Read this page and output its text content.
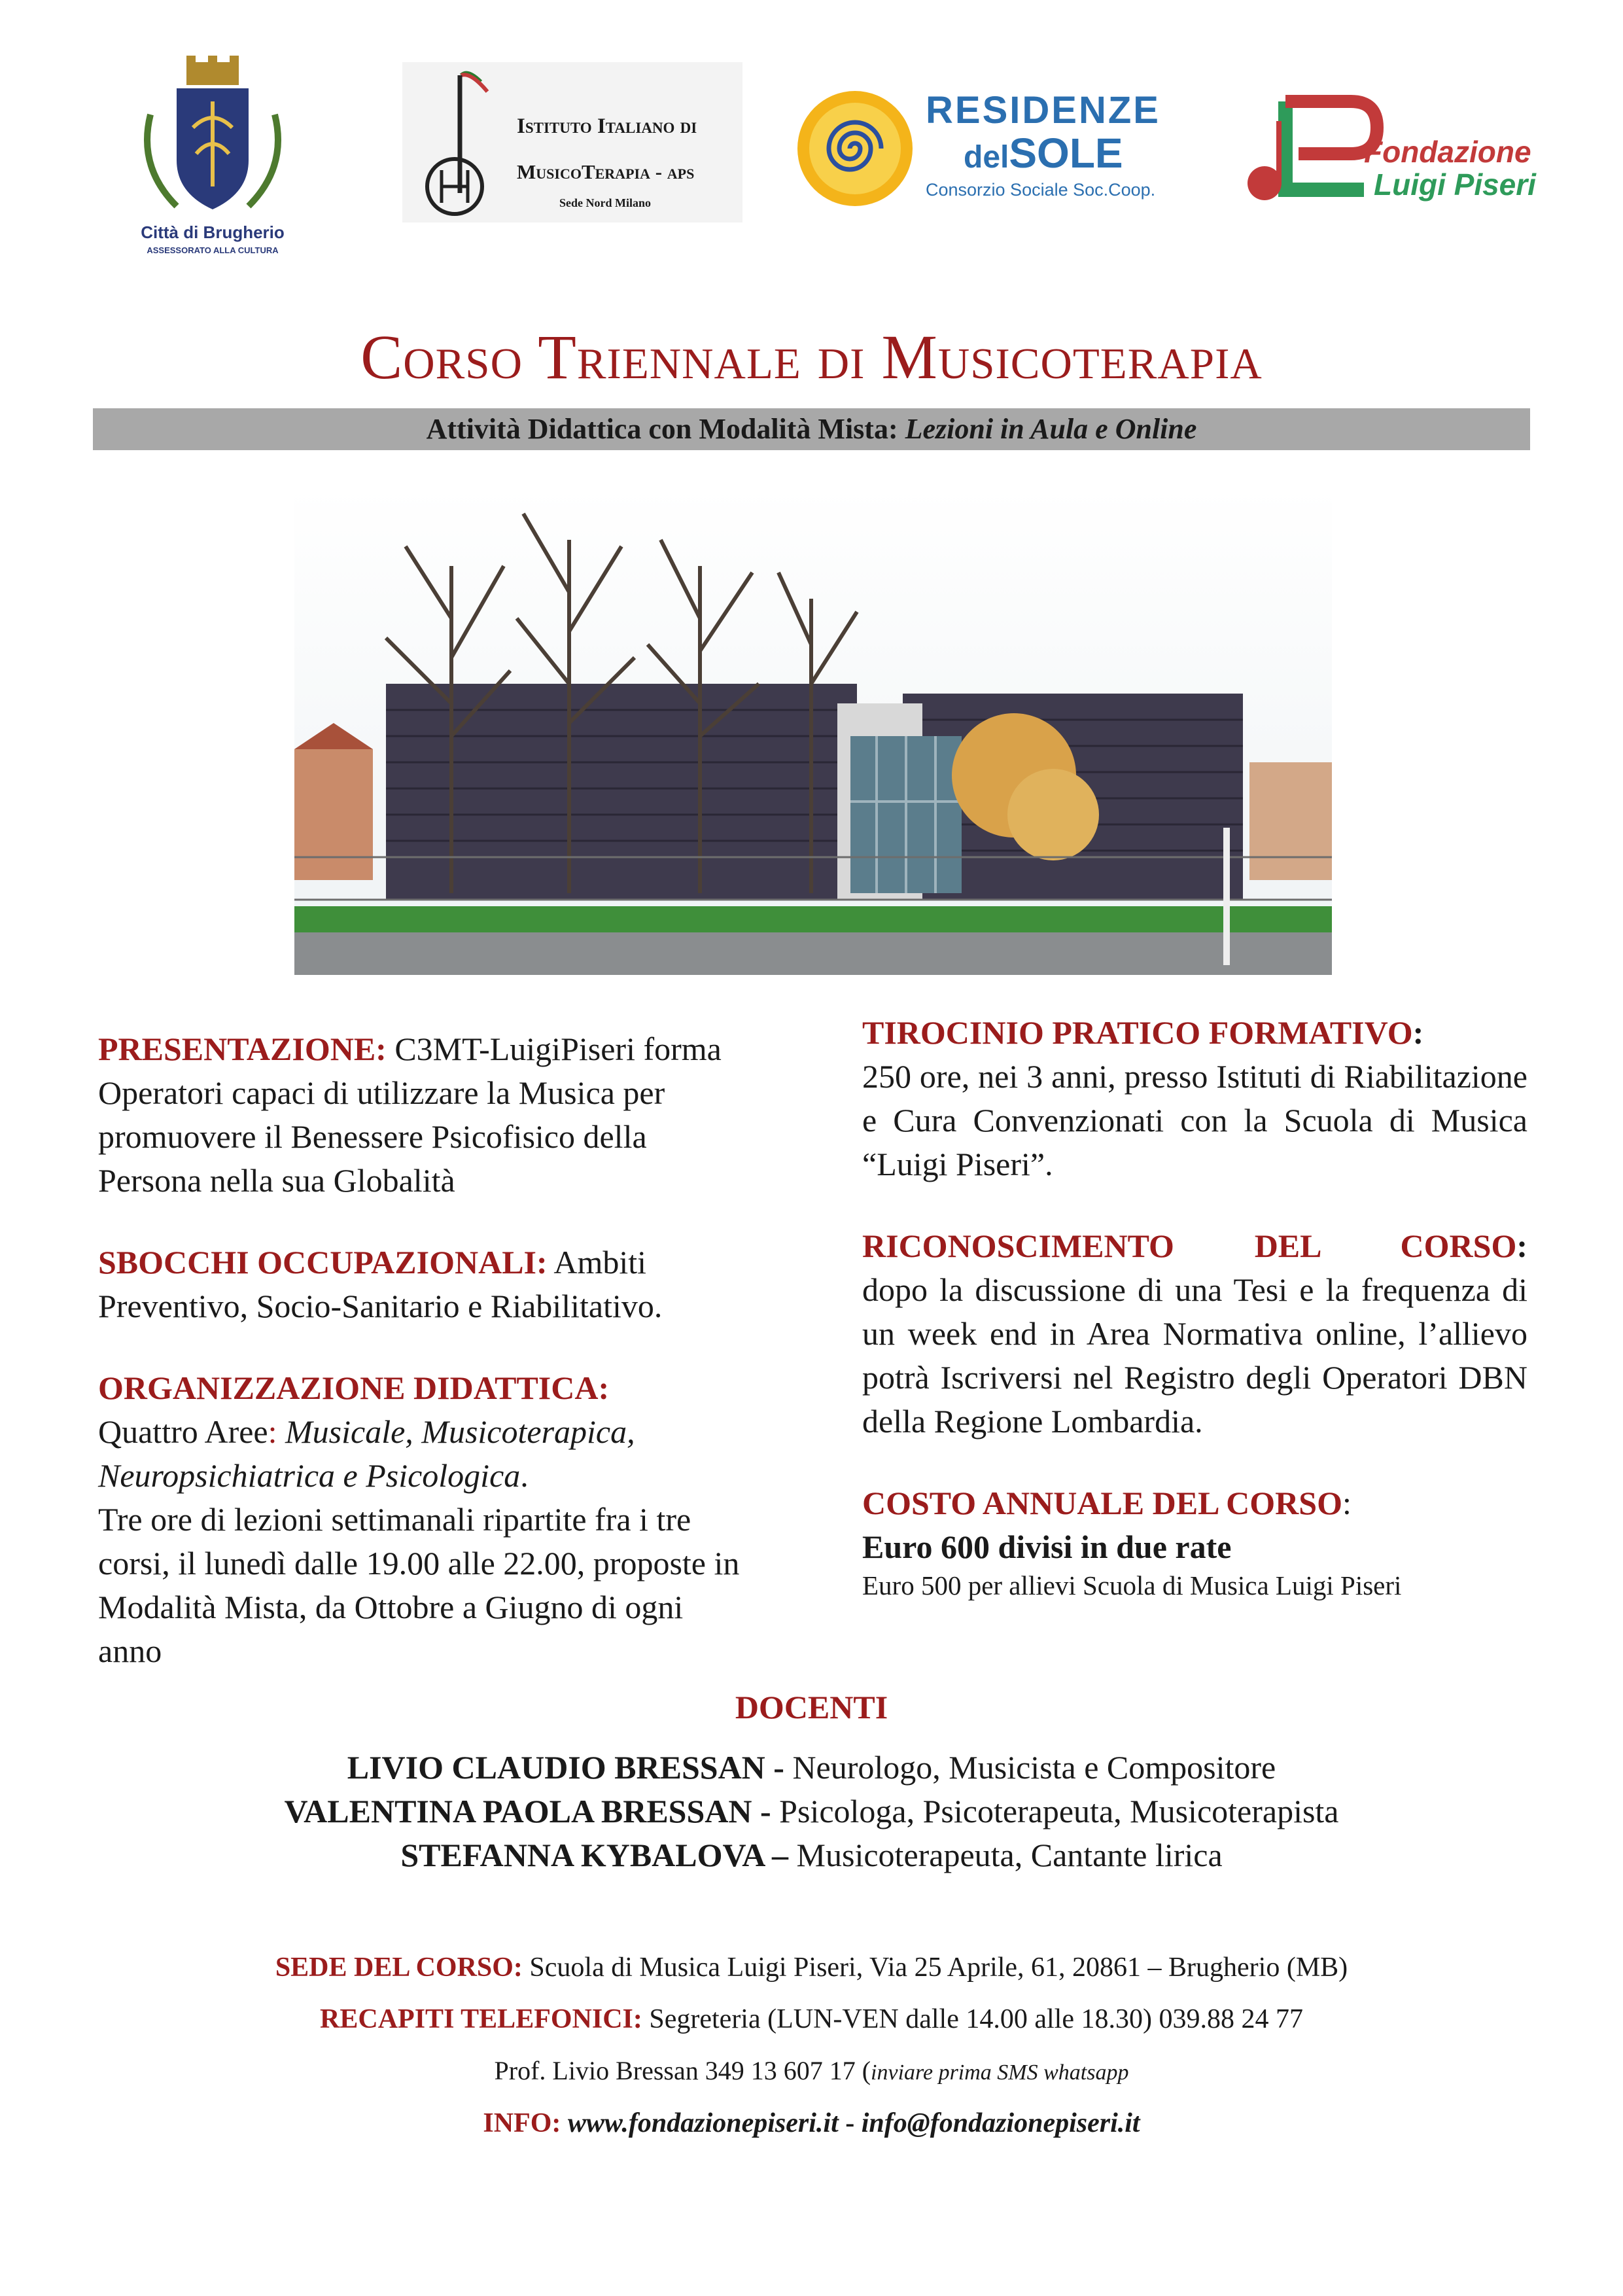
Città di Brugherio
ASSESSORATO ALLA CULTURA
Istituto Italiano di
MusicoTerapia - aps
Sede Nord Milano
RESIDENZE
delSOLE
Consorzio Sociale Soc.Coop.
Fondazione
Luigi Piseri
Corso Triennale di Musicoterapia
Attività Didattica con Modalità Mista: Lezioni in Aula e Online
PRESENTAZIONE: C3MT-LuigiPiseri forma Operatori capaci di utilizzare la Musica per promuovere il Benessere Psicofisico della Persona nella sua Globalità
SBOCCHI OCCUPAZIONALI: Ambiti Preventivo, Socio-Sanitario e Riabilitativo.
ORGANIZZAZIONE DIDATTICA:
Quattro Aree: Musicale, Musicoterapica, Neuropsichiatrica e Psicologica.
Tre ore di lezioni settimanali ripartite fra i tre corsi, il lunedì dalle 19.00 alle 22.00, proposte in Modalità Mista, da Ottobre a Giugno di ogni anno
TIROCINIO PRATICO FORMATIVO:
250 ore, nei 3 anni, presso Istituti di Riabilitazione e Cura Convenzionati con la Scuola di Musica “Luigi Piseri”.
RICONOSCIMENTO DEL CORSO:
dopo la discussione di una Tesi e la frequenza di un week end in Area Normativa online, l’allievo potrà Iscriversi nel Registro degli Operatori DBN della Regione Lombardia.
COSTO ANNUALE DEL CORSO:
Euro 600 divisi in due rate
Euro 500 per allievi Scuola di Musica Luigi Piseri
DOCENTI
LIVIO CLAUDIO BRESSAN - Neurologo, Musicista e Compositore
VALENTINA PAOLA BRESSAN - Psicologa, Psicoterapeuta, Musicoterapista
STEFANNA KYBALOVA – Musicoterapeuta, Cantante lirica
SEDE DEL CORSO: Scuola di Musica Luigi Piseri, Via 25 Aprile, 61, 20861 – Brugherio (MB)
RECAPITI TELEFONICI: Segreteria (LUN-VEN dalle 14.00 alle 18.30) 039.88 24 77
Prof. Livio Bressan 349 13 607 17 (inviare prima SMS whatsapp
INFO: www.fondazionepiseri.it - info@fondazionepiseri.it
